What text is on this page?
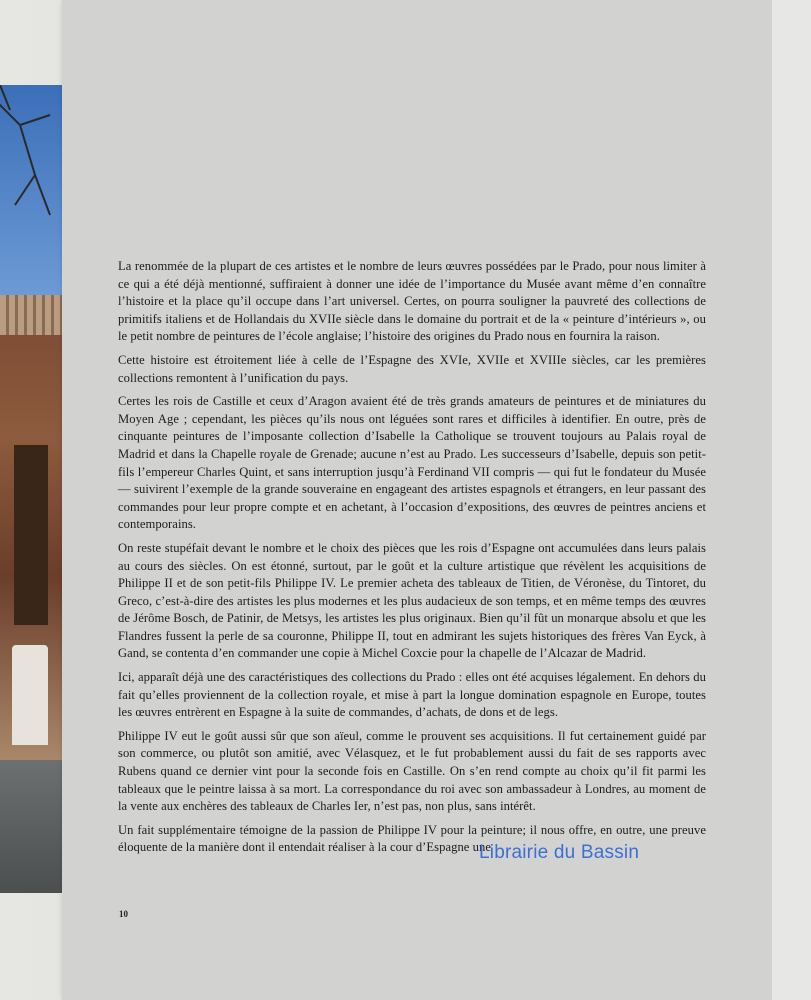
La renommée de la plupart de ces artistes et le nombre de leurs œuvres possédées par le Prado, pour nous limiter à ce qui a été déjà mentionné, suffiraient à donner une idée de l’importance du Musée avant même d’en connaître l’histoire et la place qu’il occupe dans l’art universel. Certes, on pourra souligner la pauvreté des collections de primitifs italiens et de Hollandais du XVIIe siècle dans le domaine du portrait et de la « peinture d’intérieurs », ou le petit nombre de peintures de l’école anglaise; l’histoire des origines du Prado nous en fournira la raison.

Cette histoire est étroitement liée à celle de l’Espagne des XVIe, XVIIe et XVIIIe siècles, car les premières collections remontent à l’unification du pays.

Certes les rois de Castille et ceux d’Aragon avaient été de très grands amateurs de peintures et de miniatures du Moyen Age ; cependant, les pièces qu’ils nous ont léguées sont rares et difficiles à identifier. En outre, près de cinquante peintures de l’imposante collection d’Isabelle la Catholique se trouvent toujours au Palais royal de Madrid et dans la Chapelle royale de Grenade; aucune n’est au Prado. Les successeurs d’Isabelle, depuis son petit-fils l’empereur Charles Quint, et sans interruption jusqu’à Ferdinand VII compris — qui fut le fondateur du Musée — suivirent l’exemple de la grande souveraine en engageant des artistes espagnols et étrangers, en leur passant des commandes pour leur propre compte et en achetant, à l’occasion d’expositions, des œuvres de peintres anciens et contemporains.

On reste stupéfait devant le nombre et le choix des pièces que les rois d’Espagne ont accumulées dans leurs palais au cours des siècles. On est étonné, surtout, par le goût et la culture artistique que révèlent les acquisitions de Philippe II et de son petit-fils Philippe IV. Le premier acheta des tableaux de Titien, de Véronèse, du Tintoret, du Greco, c’est-à-dire des artistes les plus modernes et les plus audacieux de son temps, et en même temps des œuvres de Jérôme Bosch, de Patinir, de Metsys, les artistes les plus originaux. Bien qu’il fût un monarque absolu et que les Flandres fussent la perle de sa couronne, Philippe II, tout en admirant les sujets historiques des frères Van Eyck, à Gand, se contenta d’en commander une copie à Michel Coxcie pour la chapelle de l’Alcazar de Madrid.

Ici, apparaît déjà une des caractéristiques des collections du Prado : elles ont été acquises légalement. En dehors du fait qu’elles proviennent de la collection royale, et mise à part la longue domination espagnole en Europe, toutes les œuvres entrèrent en Espagne à la suite de commandes, d’achats, de dons et de legs.

Philippe IV eut le goût aussi sûr que son aïeul, comme le prouvent ses acquisitions. Il fut certainement guidé par son commerce, ou plutôt son amitié, avec Vélasquez, et le fut probablement aussi du fait de ses rapports avec Rubens quand ce dernier vint pour la seconde fois en Castille. On s’en rend compte au choix qu’il fit parmi les tableaux que le peintre laissa à sa mort. La correspondance du roi avec son ambassadeur à Londres, au moment de la vente aux enchères des tableaux de Charles Ier, n’est pas, non plus, sans intérêt.

Un fait supplémentaire témoigne de la passion de Philippe IV pour la peinture; il nous offre, en outre, une preuve éloquente de la manière dont il entendait réaliser à la cour d’Espagne une

10
Librairie du Bassin
